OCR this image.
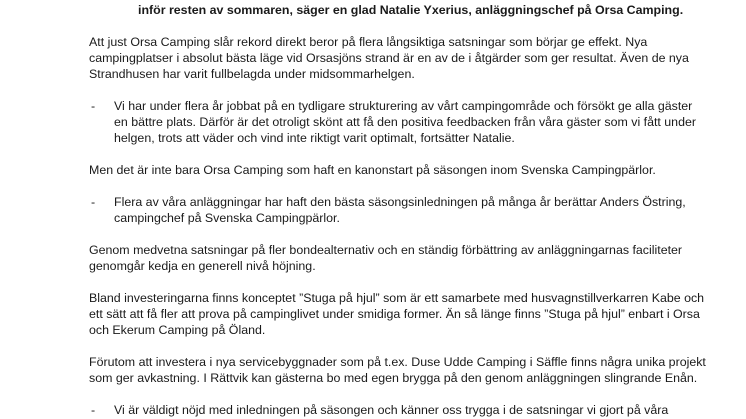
inför resten av sommaren, säger en glad Natalie Yxerius, anläggningschef på Orsa Camping.
Att just Orsa Camping slår rekord direkt beror på flera långsiktiga satsningar som börjar ge effekt. Nya
campingplatser i absolut bästa läge vid Orsasjöns strand är en av de i åtgärder som ger resultat. Även de nya
Strandhusen har varit fullbelagda under midsommarhelgen.
- Vi har under flera år jobbat på en tydligare strukturering av vårt campingområde och försökt ge alla gäster
en bättre plats. Därför är det otroligt skönt att få den positiva feedbacken från våra gäster som vi fått under
helgen, trots att väder och vind inte riktigt varit optimalt, fortsätter Natalie.
Men det är inte bara Orsa Camping som haft en kanonstart på säsongen inom Svenska Campingpärlor.
- Flera av våra anläggningar har haft den bästa säsongsinledningen på många år berättar Anders Östring,
campingchef på Svenska Campingpärlor.
Genom medvetna satsningar på fler bondealternativ och en ständig förbättring av anläggningarnas faciliteter
genomgår kedja en generell nivå höjning.
Bland investeringarna finns konceptet ”Stuga på hjul” som är ett samarbete med husvagnstillverkarren Kabe och
ett sätt att få fler att prova på campinglivet under smidiga former. Än så länge finns ”Stuga på hjul” enbart i Orsa
och Ekerum Camping på Öland.
Förutom att investera i nya servicebyggnader som på t.ex. Duse Udde Camping i Säffle finns några unika projekt
som ger avkastning. I Rättvik kan gästerna bo med egen brygga på den genom anläggningen slingrande Enån.
- Vi är väldigt nöjd med inledningen på säsongen och känner oss trygga i de satsningar vi gjort på våra
